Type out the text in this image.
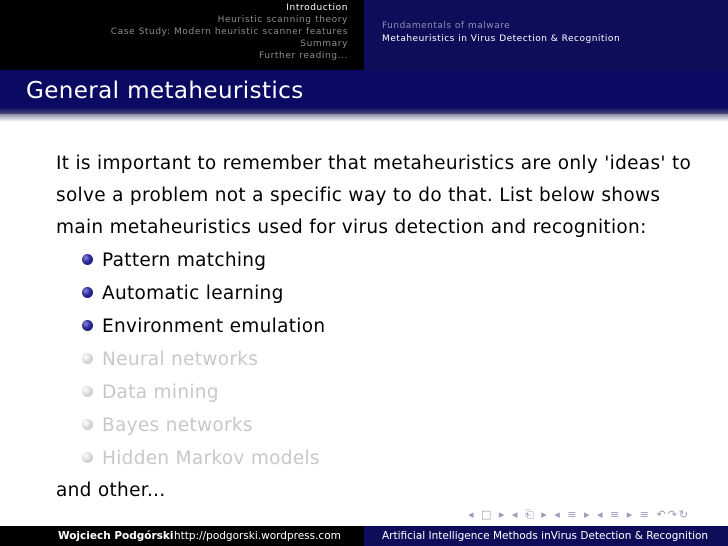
Introduction
Heuristic scanning theory
Case Study: Modern heuristic scanner features
Summary
Further reading...
Fundamentals of malware
Metaheuristics in Virus Detection & Recognition
General metaheuristics
It is important to remember that metaheuristics are only 'ideas' to
solve a problem not a specific way to do that. List below shows
main metaheuristics used for virus detection and recognition:
Pattern matching
Automatic learning
Environment emulation
Neural networks
Data mining
Bayes networks
Hidden Markov models
and other...
◂ □ ▸ ◂ ⎗ ▸ ◂ ≡ ▸ ◂ ≡ ▸ ≡ ↶↷↻
Wojciech Podgórski http://podgorski.wordpress.com	Artificial Intelligence Methods inVirus Detection & Recognition
